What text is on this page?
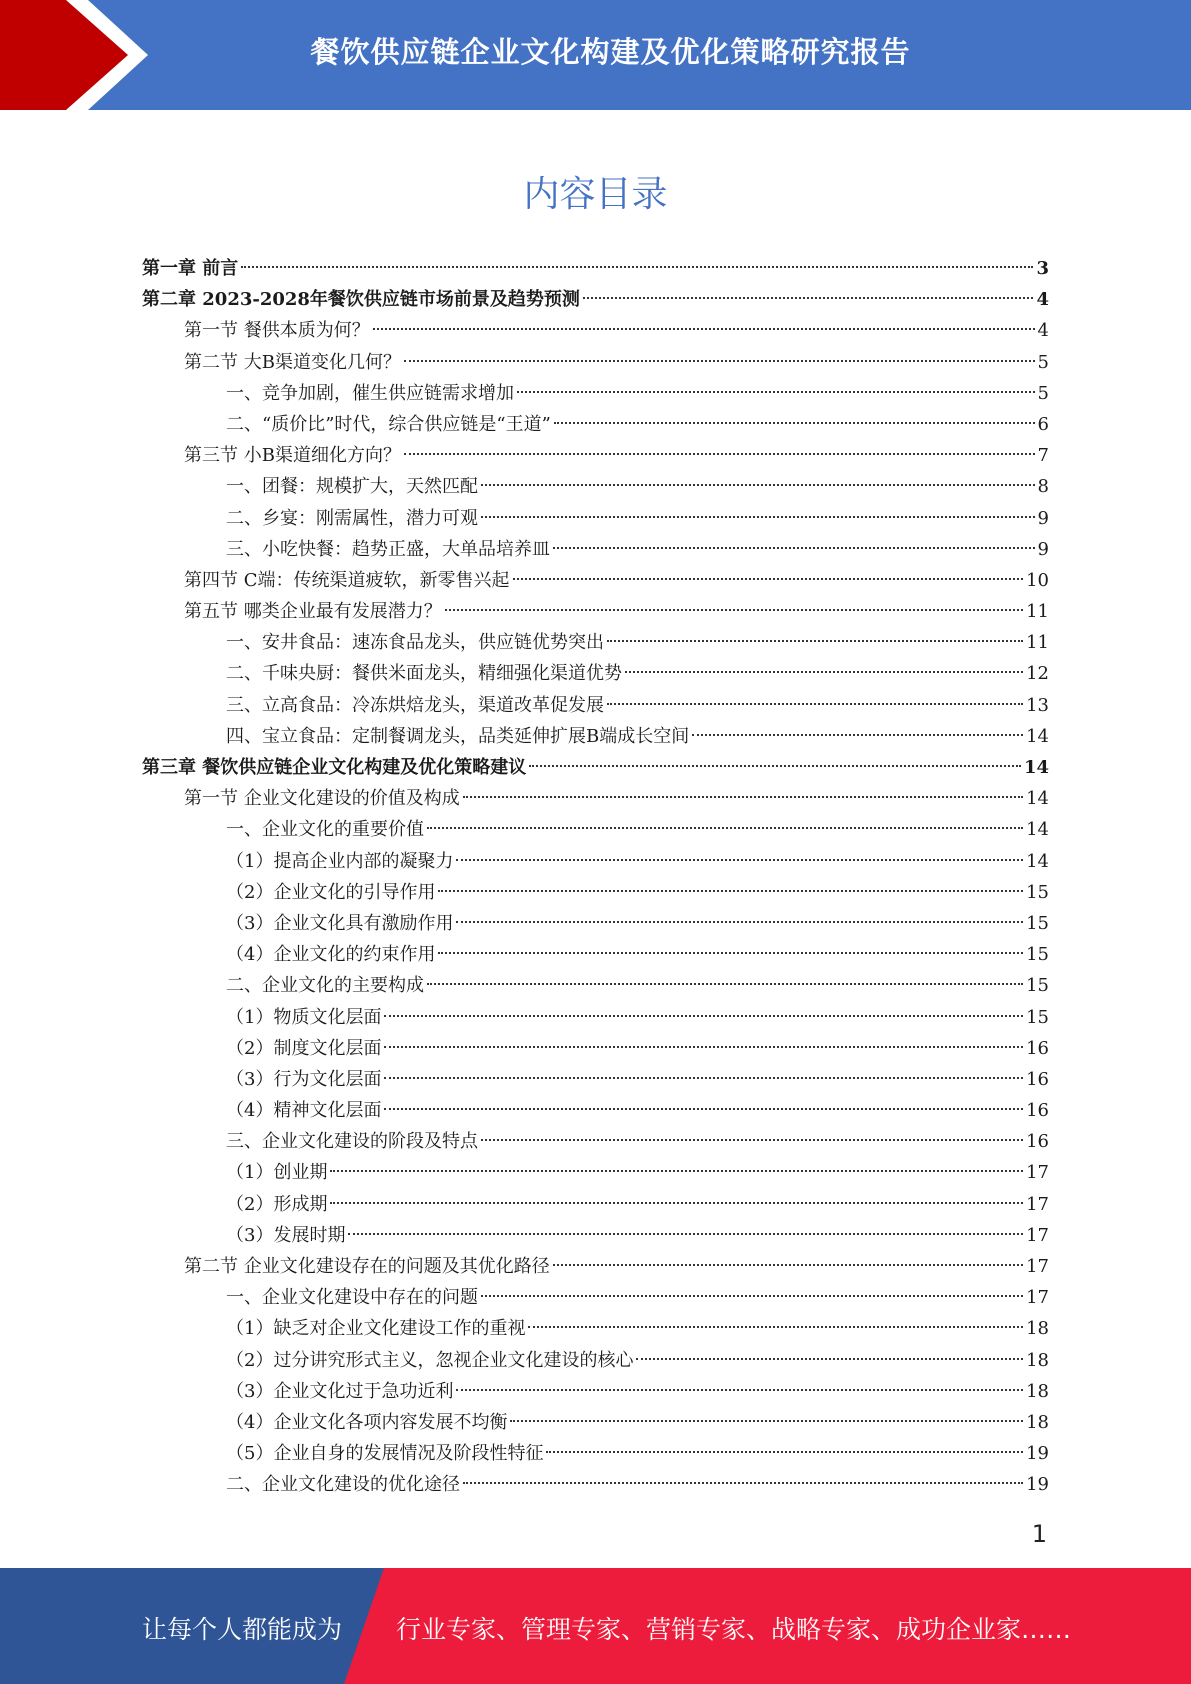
餐饮供应链企业文化构建及优化策略研究报告
内容目录
第一章 前言	3
第二章 2023-2028年餐饮供应链市场前景及趋势预测	4
第一节 餐供本质为何？	4
第二节 大B渠道变化几何？	5
一、竞争加剧，催生供应链需求增加	5
二、“质价比”时代，综合供应链是“王道”	6
第三节 小B渠道细化方向？	7
一、团餐：规模扩大，天然匹配	8
二、乡宴：刚需属性，潜力可观	9
三、小吃快餐：趋势正盛，大单品培养皿	9
第四节 C端：传统渠道疲软，新零售兴起	10
第五节 哪类企业最有发展潜力？	11
一、安井食品：速冻食品龙头，供应链优势突出	11
二、千味央厨：餐供米面龙头，精细强化渠道优势	12
三、立高食品：冷冻烘焙龙头，渠道改革促发展	13
四、宝立食品：定制餐调龙头，品类延伸扩展B端成长空间	14
第三章 餐饮供应链企业文化构建及优化策略建议	14
第一节 企业文化建设的价值及构成	14
一、企业文化的重要价值	14
（1）提高企业内部的凝聚力	14
（2）企业文化的引导作用	15
（3）企业文化具有激励作用	15
（4）企业文化的约束作用	15
二、企业文化的主要构成	15
（1）物质文化层面	15
（2）制度文化层面	16
（3）行为文化层面	16
（4）精神文化层面	16
三、企业文化建设的阶段及特点	16
（1）创业期	17
（2）形成期	17
（3）发展时期	17
第二节 企业文化建设存在的问题及其优化路径	17
一、企业文化建设中存在的问题	17
（1）缺乏对企业文化建设工作的重视	18
（2）过分讲究形式主义，忽视企业文化建设的核心	18
（3）企业文化过于急功近利	18
（4）企业文化各项内容发展不均衡	18
（5）企业自身的发展情况及阶段性特征	19
二、企业文化建设的优化途径	19
1
让每个人都能成为 行业专家、管理专家、营销专家、战略专家、成功企业家……
